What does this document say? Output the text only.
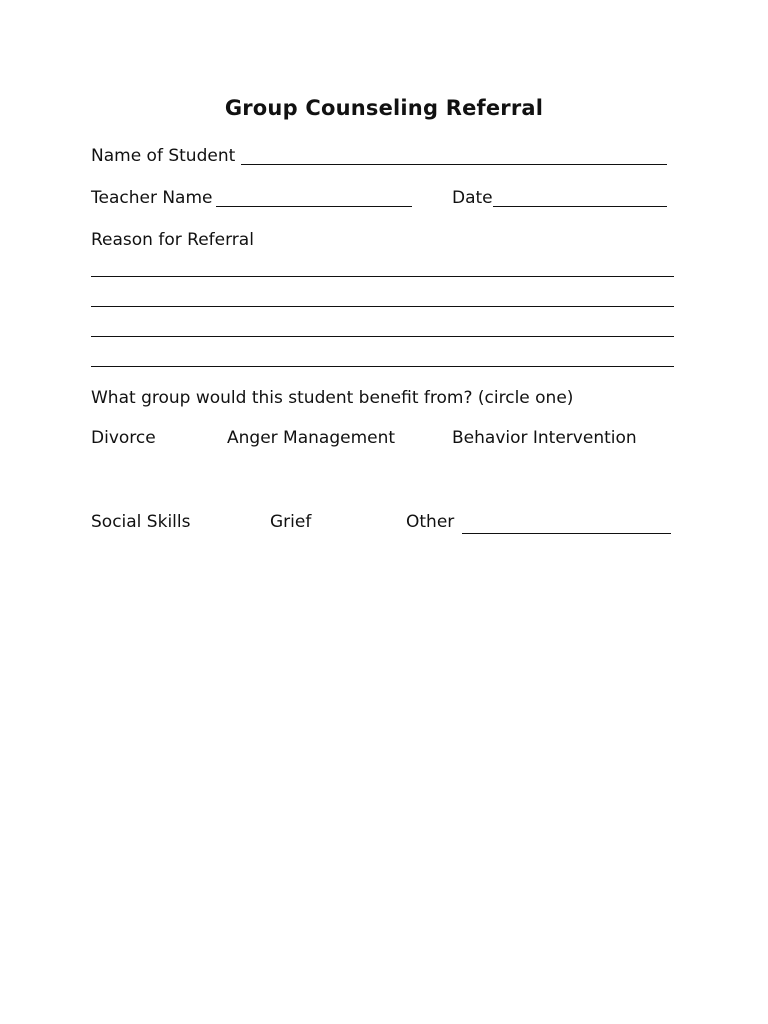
Group Counseling Referral
Name of Student
Teacher Name	Date
Reason for Referral
What group would this student benefit from? (circle one)
Divorce	Anger Management	Behavior Intervention
Social Skills	Grief	Other
